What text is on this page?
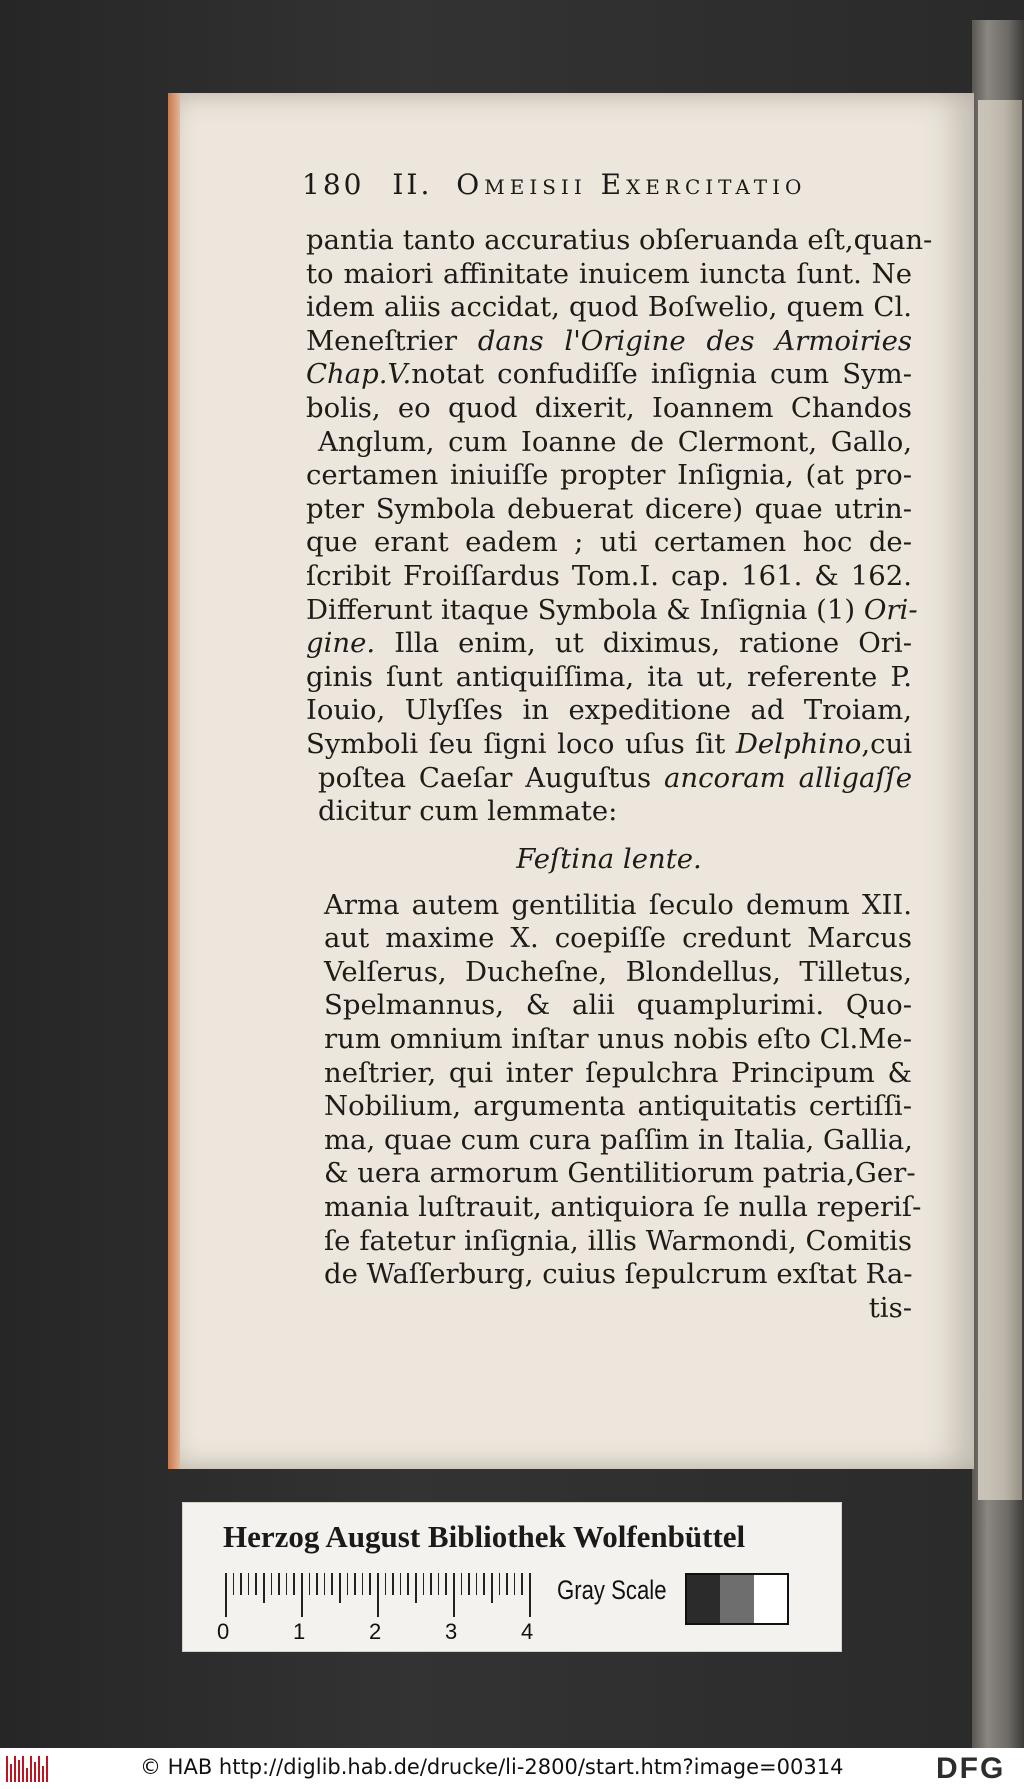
180 II. Omeisii Exercitatio
pantia tanto accuratius obſeruanda eſt,quan-
to maiori affinitate inuicem iuncta ſunt. Ne
idem aliis accidat, quod Boſwelio, quem Cl.
Meneſtrier dans l'Origine des Armoiries
Chap.V.notat confudiſſe inſignia cum Sym-
bolis, eo quod dixerit, Ioannem Chandos
Anglum, cum Ioanne de Clermont, Gallo,
certamen iniuiſſe propter Inſignia, (at pro-
pter Symbola debuerat dicere) quae utrin-
que erant eadem ; uti certamen hoc de-
ſcribit Froiſſardus Tom.I. cap. 161. & 162.
Differunt itaque Symbola & Inſignia (1) Ori-
gine. Illa enim, ut diximus, ratione Ori-
ginis ſunt antiquiſſima, ita ut, referente P.
Iouio, Ulyſſes in expeditione ad Troiam,
Symboli ſeu ſigni loco uſus ſit Delphino,cui
poſtea Caeſar Auguſtus ancoram alligaſſe
dicitur cum lemmate:
Feſtina lente.
Arma autem gentilitia ſeculo demum XII.
aut maxime X. coepiſſe credunt Marcus
Velſerus, Ducheſne, Blondellus, Tilletus,
Spelmannus, & alii quamplurimi. Quo-
rum omnium inſtar unus nobis eſto Cl.Me-
neſtrier, qui inter ſepulchra Principum &
Nobilium, argumenta antiquitatis certiſſi-
ma, quae cum cura paſſim in Italia, Gallia,
& uera armorum Gentilitiorum patria,Ger-
mania luſtrauit, antiquiora ſe nulla reperiſ-
ſe fatetur inſignia, illis Warmondi, Comitis
de Waſſerburg, cuius ſepulcrum exſtat Ra-
tis-
Herzog August Bibliothek Wolfenbüttel
0	1	2	3	4
Gray Scale
© HAB http://diglib.hab.de/drucke/li-2800/start.htm?image=00314	DFG
